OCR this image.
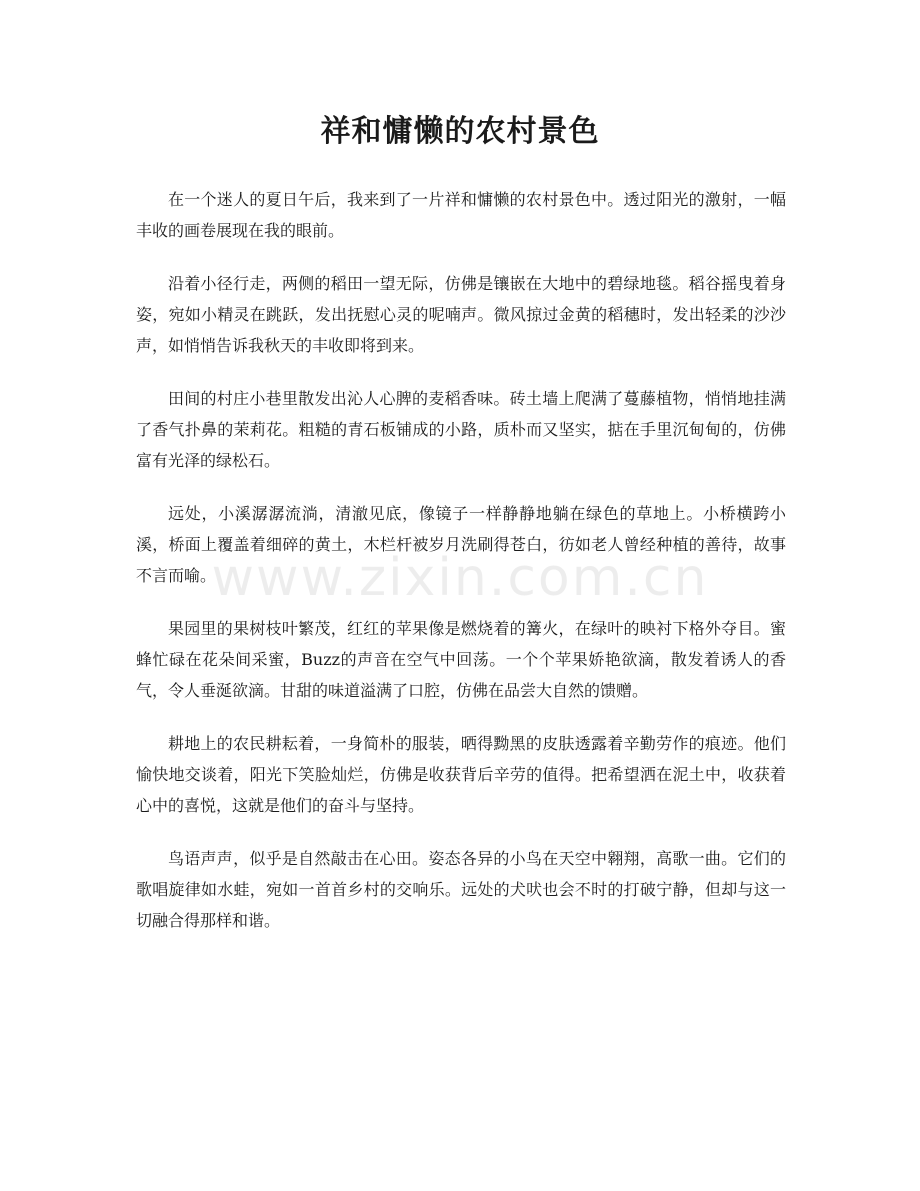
祥和慵懒的农村景色

在一个迷人的夏日午后，我来到了一片祥和慵懒的农村景色中。透过阳光的激射，一幅丰收的画卷展现在我的眼前。

沿着小径行走，两侧的稻田一望无际，仿佛是镶嵌在大地中的碧绿地毯。稻谷摇曳着身姿，宛如小精灵在跳跃，发出抚慰心灵的呢喃声。微风掠过金黄的稻穗时，发出轻柔的沙沙声，如悄悄告诉我秋天的丰收即将到来。

田间的村庄小巷里散发出沁人心脾的麦稻香味。砖土墙上爬满了蔓藤植物，悄悄地挂满了香气扑鼻的茉莉花。粗糙的青石板铺成的小路，质朴而又坚实，掂在手里沉甸甸的，仿佛富有光泽的绿松石。

远处，小溪潺潺流淌，清澈见底，像镜子一样静静地躺在绿色的草地上。小桥横跨小溪，桥面上覆盖着细碎的黄土，木栏杆被岁月洗刷得苍白，彷如老人曾经种植的善待，故事不言而喻。

果园里的果树枝叶繁茂，红红的苹果像是燃烧着的篝火，在绿叶的映衬下格外夺目。蜜蜂忙碌在花朵间采蜜，Buzz的声音在空气中回荡。一个个苹果娇艳欲滴，散发着诱人的香气，令人垂涎欲滴。甘甜的味道溢满了口腔，仿佛在品尝大自然的馈赠。

耕地上的农民耕耘着，一身简朴的服装，晒得黝黑的皮肤透露着辛勤劳作的痕迹。他们愉快地交谈着，阳光下笑脸灿烂，仿佛是收获背后辛劳的值得。把希望洒在泥土中，收获着心中的喜悦，这就是他们的奋斗与坚持。

鸟语声声，似乎是自然敲击在心田。姿态各异的小鸟在天空中翱翔，高歌一曲。它们的歌唱旋律如水蛙，宛如一首首乡村的交响乐。远处的犬吠也会不时的打破宁静，但却与这一切融合得那样和谐。

www.zixin.com.cn
